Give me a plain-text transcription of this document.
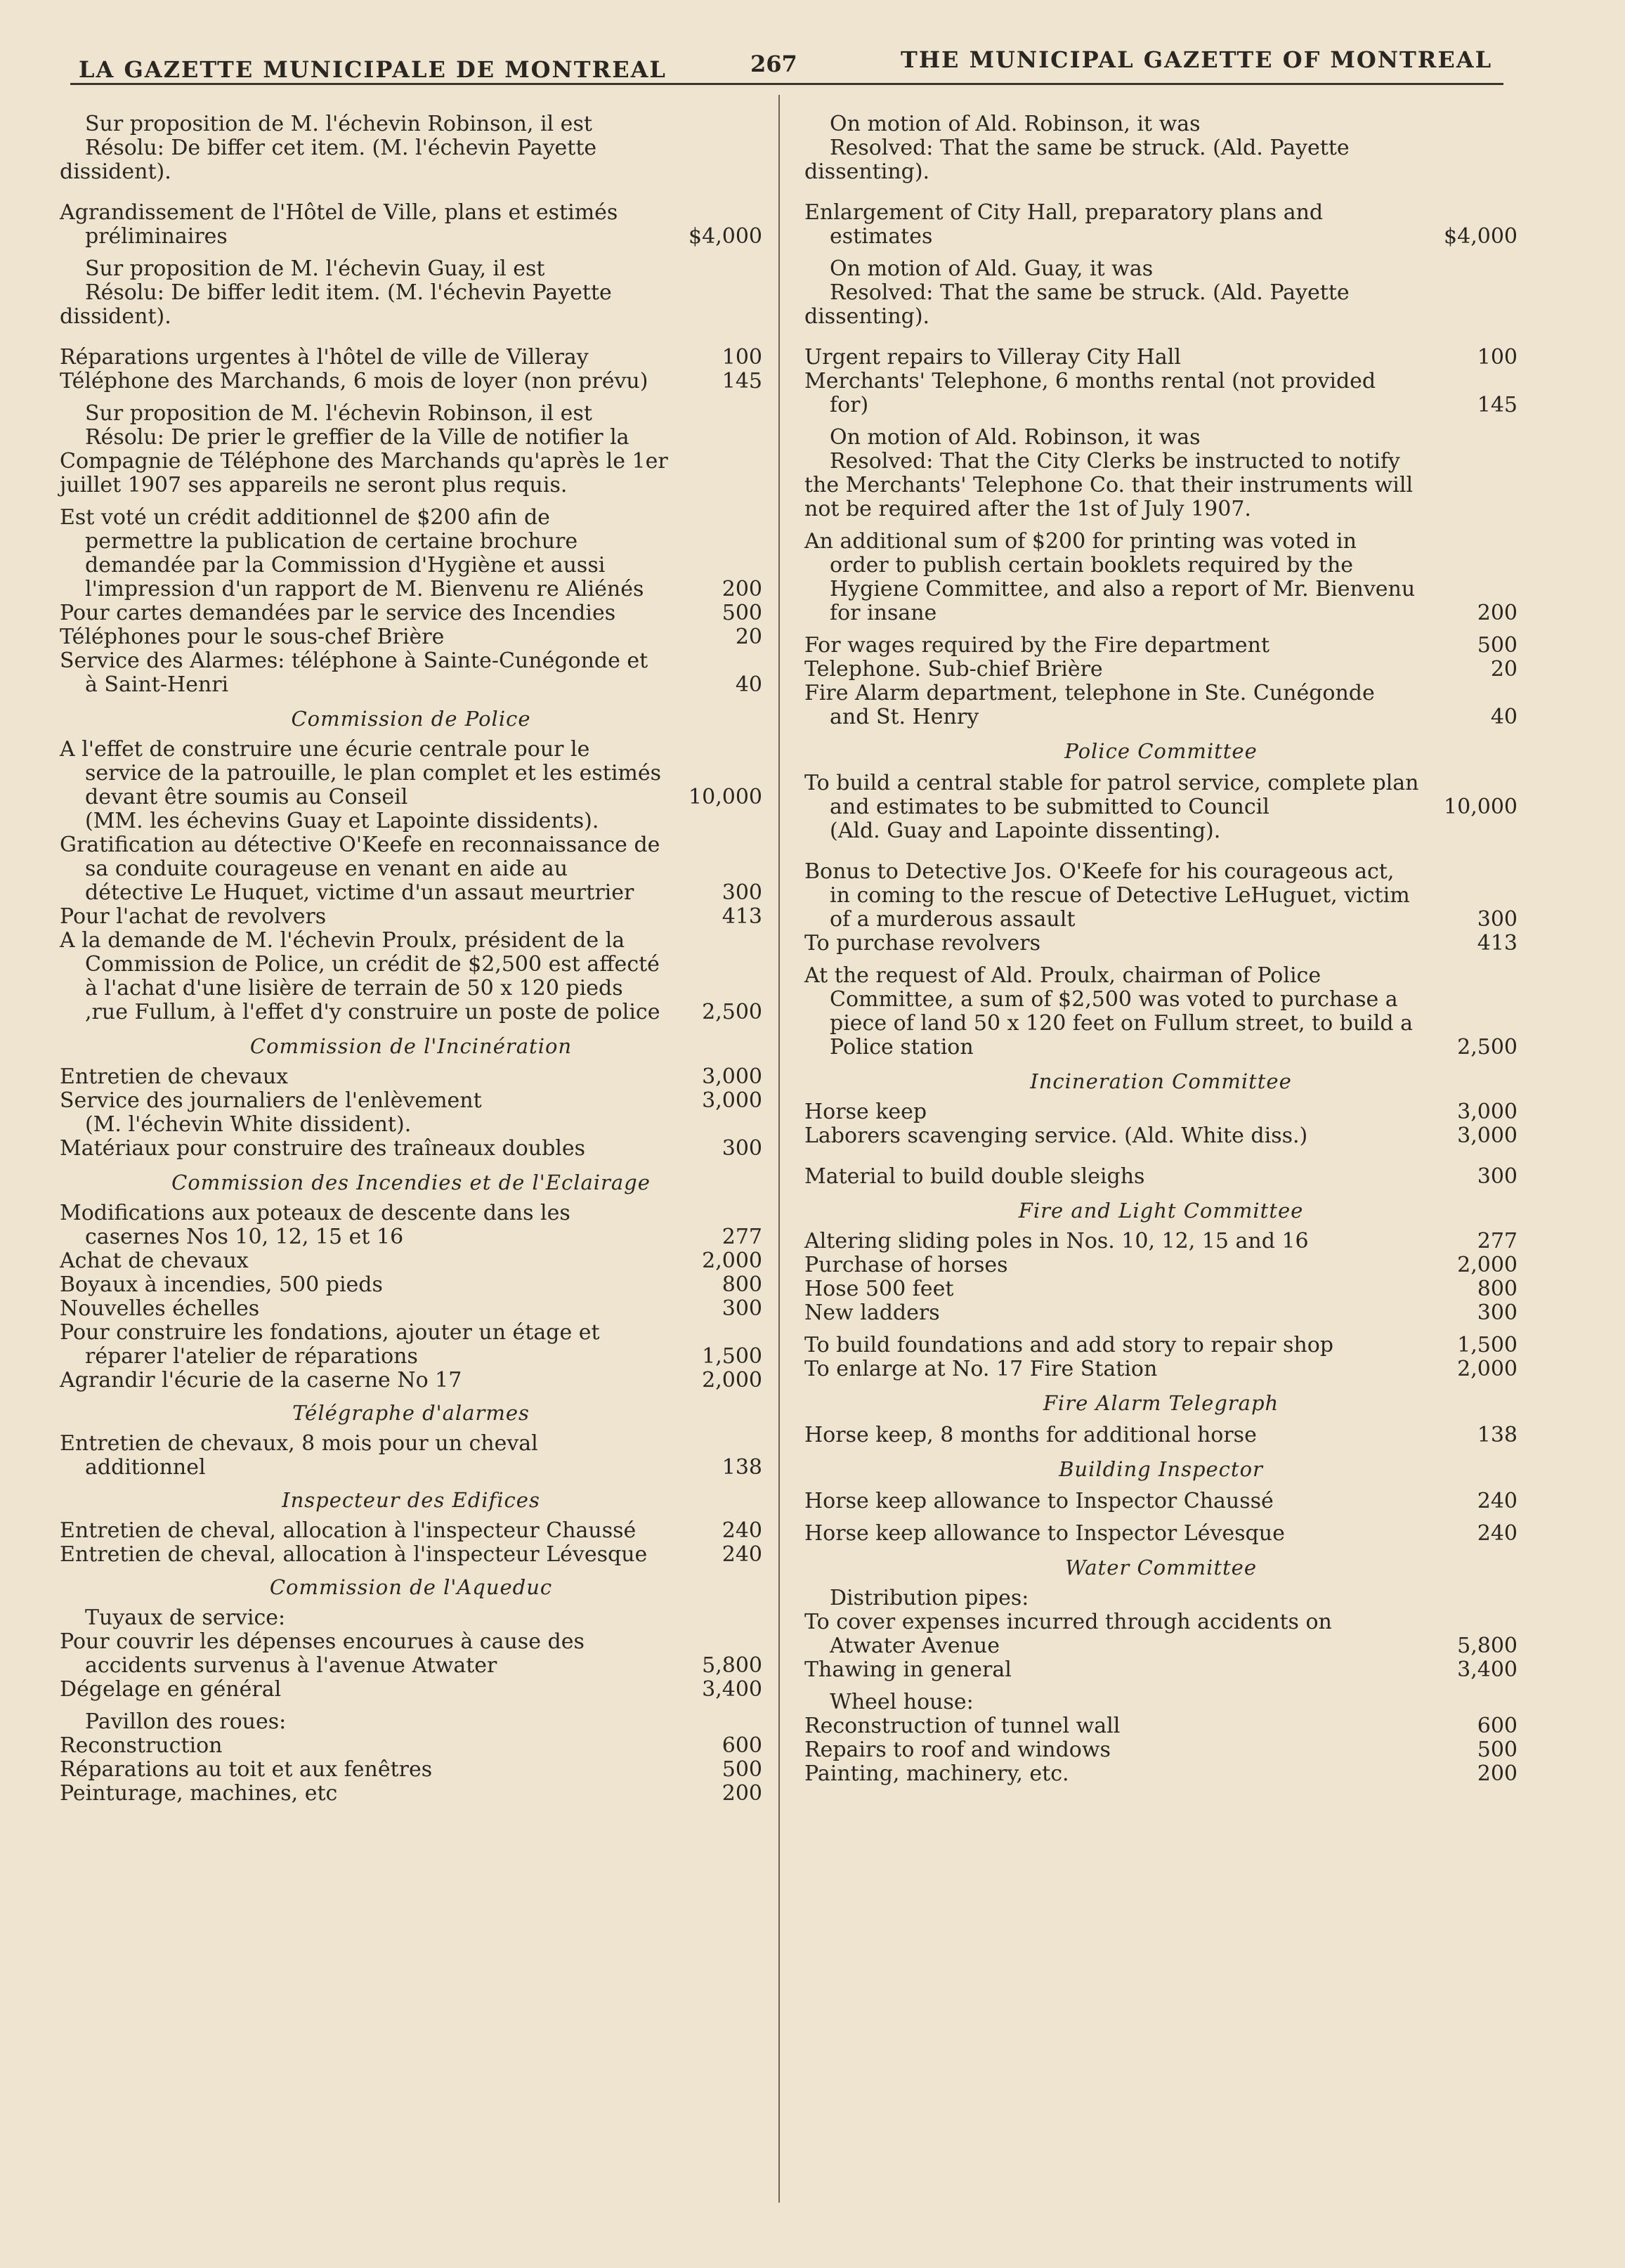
LA GAZETTE MUNICIPALE DE MONTREAL	267	THE MUNICIPAL GAZETTE OF MONTREAL
Sur proposition de M. l'échevin Robinson, il est
Résolu: De biffer cet item. (M. l'échevin Payette dissident).
Agrandissement de l'Hôtel de Ville, plans et estimés préliminaires	$4,000
Sur proposition de M. l'échevin Guay, il est
Résolu: De biffer ledit item. (M. l'échevin Payette dissident).
Réparations urgentes à l'hôtel de ville de Villeray	100
Téléphone des Marchands, 6 mois de loyer (non prévu)	145
Sur proposition de M. l'échevin Robinson, il est
Résolu: De prier le greffier de la Ville de notifier la Compagnie de Téléphone des Marchands qu'après le 1er juillet 1907 ses appareils ne seront plus requis.
Est voté un crédit additionnel de $200 afin de permettre la publication de certaine brochure demandée par la Commission d'Hygiène et aussi l'impression d'un rapport de M. Bienvenu re Aliénés	200
Pour cartes demandées par le service des Incendies	500
Téléphones pour le sous-chef Brière	20
Service des Alarmes: téléphone à Sainte-Cunégonde et à Saint-Henri	40
Commission de Police
A l'effet de construire une écurie centrale pour le service de la patrouille, le plan complet et les estimés devant être soumis au Conseil	10,000
(MM. les échevins Guay et Lapointe dissidents).
Gratification au détective O'Keefe en reconnaissance de sa conduite courageuse en venant en aide au détective Le Huquet, victime d'un assaut meurtrier	300
Pour l'achat de revolvers	413
A la demande de M. l'échevin Proulx, président de la Commission de Police, un crédit de $2,500 est affecté à l'achat d'une lisière de terrain de 50 x 120 pieds ,rue Fullum, à l'effet d'y construire un poste de police	2,500
Commission de l'Incinération
Entretien de chevaux	3,000
Service des journaliers de l'enlèvement	3,000
(M. l'échevin White dissident).
Matériaux pour construire des traîneaux doubles	300
Commission des Incendies et de l'Eclairage
Modifications aux poteaux de descente dans les casernes Nos 10, 12, 15 et 16	277
Achat de chevaux	2,000
Boyaux à incendies, 500 pieds	800
Nouvelles échelles	300
Pour construire les fondations, ajouter un étage et réparer l'atelier de réparations	1,500
Agrandir l'écurie de la caserne No 17	2,000
Télégraphe d'alarmes
Entretien de chevaux, 8 mois pour un cheval additionnel	138
Inspecteur des Edifices
Entretien de cheval, allocation à l'inspecteur Chaussé	240
Entretien de cheval, allocation à l'inspecteur Lévesque	240
Commission de l'Aqueduc
Tuyaux de service:
Pour couvrir les dépenses encourues à cause des accidents survenus à l'avenue Atwater	5,800
Dégelage en général	3,400
Pavillon des roues:
Reconstruction	600
Réparations au toit et aux fenêtres	500
Peinturage, machines, etc	200
On motion of Ald. Robinson, it was
Resolved: That the same be struck. (Ald. Payette dissenting).
Enlargement of City Hall, preparatory plans and estimates	$4,000
On motion of Ald. Guay, it was
Resolved: That the same be struck. (Ald. Payette dissenting).
Urgent repairs to Villeray City Hall	100
Merchants' Telephone, 6 months rental (not provided for)	145
On motion of Ald. Robinson, it was
Resolved: That the City Clerks be instructed to notify the Merchants' Telephone Co. that their instruments will not be required after the 1st of July 1907.
An additional sum of $200 for printing was voted in order to publish certain booklets required by the Hygiene Committee, and also a report of Mr. Bienvenu for insane	200
For wages required by the Fire department	500
Telephone. Sub-chief Brière	20
Fire Alarm department, telephone in Ste. Cunégonde and St. Henry	40
Police Committee
To build a central stable for patrol service, complete plan and estimates to be submitted to Council	10,000
(Ald. Guay and Lapointe dissenting).
Bonus to Detective Jos. O'Keefe for his courageous act, in coming to the rescue of Detective LeHuguet, victim of a murderous assault	300
To purchase revolvers	413
At the request of Ald. Proulx, chairman of Police Committee, a sum of $2,500 was voted to purchase a piece of land 50 x 120 feet on Fullum street, to build a Police station	2,500
Incineration Committee
Horse keep	3,000
Laborers scavenging service. (Ald. White diss.)	3,000
Material to build double sleighs	300
Fire and Light Committee
Altering sliding poles in Nos. 10, 12, 15 and 16	277
Purchase of horses	2,000
Hose 500 feet	800
New ladders	300
To build foundations and add story to repair shop	1,500
To enlarge at No. 17 Fire Station	2,000
Fire Alarm Telegraph
Horse keep, 8 months for additional horse	138
Building Inspector
Horse keep allowance to Inspector Chaussé	240
Horse keep allowance to Inspector Lévesque	240
Water Committee
Distribution pipes:
To cover expenses incurred through accidents on Atwater Avenue	5,800
Thawing in general	3,400
Wheel house:
Reconstruction of tunnel wall	600
Repairs to roof and windows	500
Painting, machinery, etc.	200
